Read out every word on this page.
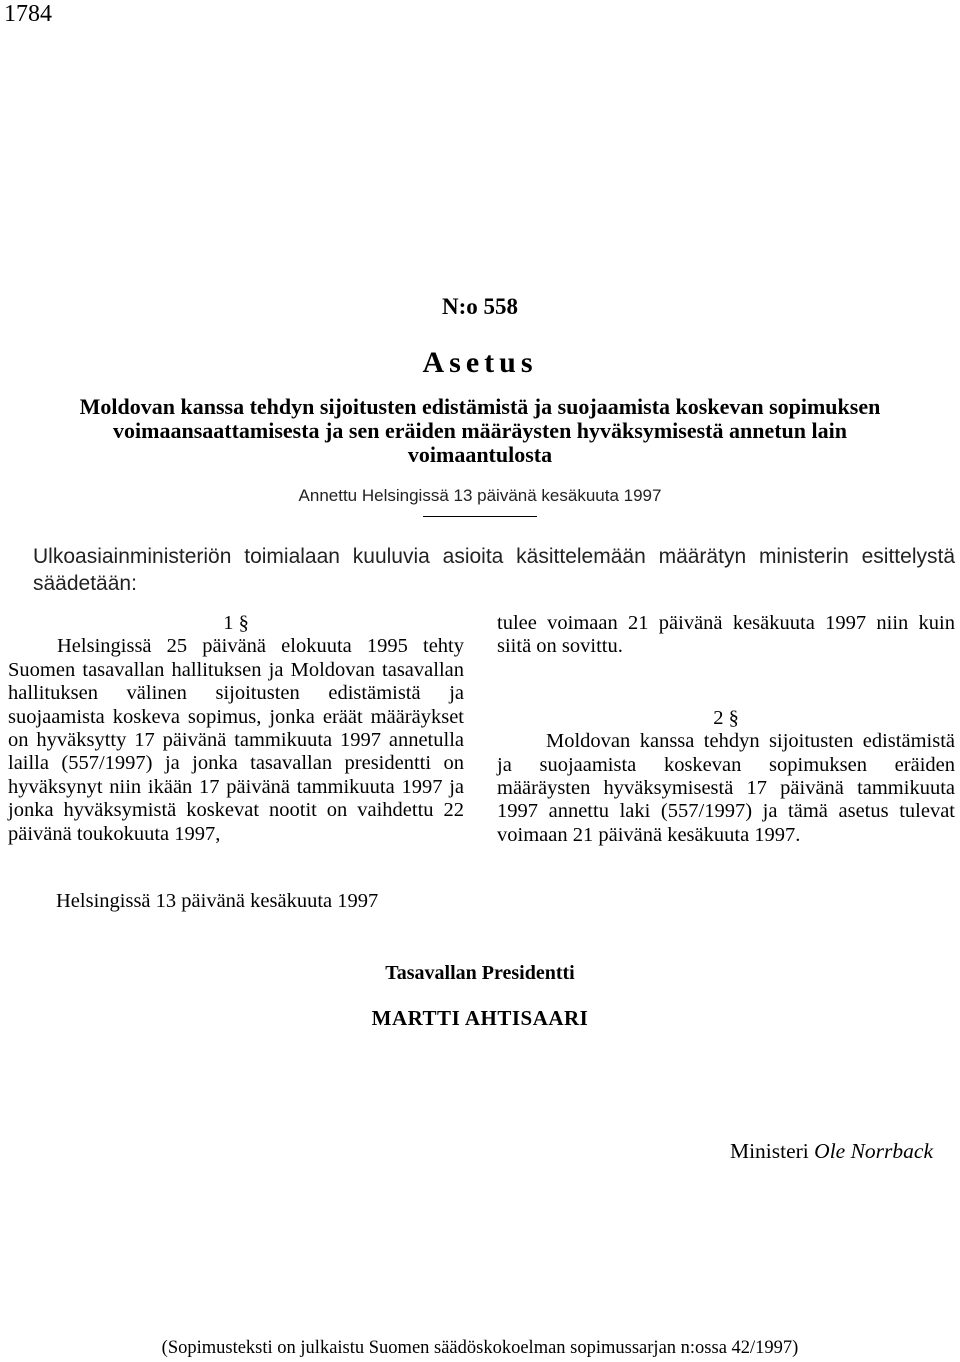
1784
N:o 558
Asetus
Moldovan kanssa tehdyn sijoitusten edistämistä ja suojaamista koskevan sopimuksen
voimaansaattamisesta ja sen eräiden määräysten hyväksymisestä annetun lain
voimaantulosta
Annettu Helsingissä 13 päivänä kesäkuuta 1997
Ulkoasiainministeriön toimialaan kuuluvia asioita käsittelemään määrätyn ministerin esittelystä säädetään:
1 §
Helsingissä 25 päivänä elokuuta 1995 tehty Suomen tasavallan hallituksen ja Moldovan tasavallan hallituksen välinen sijoitusten edistämistä ja suojaamista koskeva sopimus, jonka eräät määräykset on hyväksytty 17 päivänä tammikuuta 1997 annetulla lailla (557/1997) ja jonka tasavallan presidentti on hyväksynyt niin ikään 17 päivänä tammikuuta 1997 ja jonka hyväksymistä koskevat nootit on vaihdettu 22 päivänä toukokuuta 1997,
tulee voimaan 21 päivänä kesäkuuta 1997 niin kuin siitä on sovittu.
2 §
Moldovan kanssa tehdyn sijoitusten edistämistä ja suojaamista koskevan sopimuksen eräiden määräysten hyväksymisestä 17 päivänä tammikuuta 1997 annettu laki (557/1997) ja tämä asetus tulevat voimaan 21 päivänä kesäkuuta 1997.
Helsingissä 13 päivänä kesäkuuta 1997
Tasavallan Presidentti
MARTTI AHTISAARI
Ministeri Ole Norrback
(Sopimusteksti on julkaistu Suomen säädöskokoelman sopimussarjan n:ossa 42/1997)
